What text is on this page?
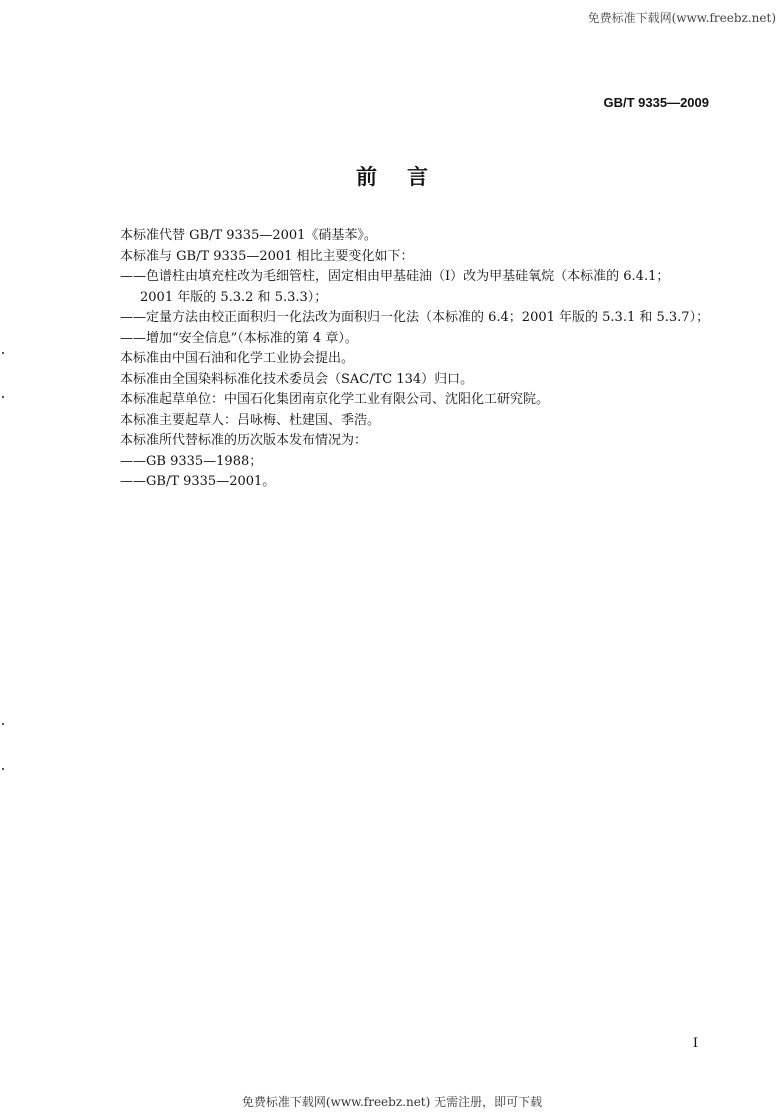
免费标准下载网(www.freebz.net)
GB/T 9335—2009
前 言

本标准代替 GB/T 9335—2001《硝基苯》。

本标准与 GB/T 9335—2001 相比主要变化如下：

——色谱柱由填充柱改为毛细管柱，固定相由甲基硅油（Ⅰ）改为甲基硅氧烷（本标准的 6.4.1；

2001 年版的 5.3.2 和 5.3.3）；

——定量方法由校正面积归一化法改为面积归一化法（本标准的 6.4；2001 年版的 5.3.1 和 5.3.7）；

——增加“安全信息”（本标准的第 4 章）。

本标准由中国石油和化学工业协会提出。

本标准由全国染料标准化技术委员会（SAC/TC 134）归口。

本标准起草单位：中国石化集团南京化学工业有限公司、沈阳化工研究院。

本标准主要起草人：吕咏梅、杜建国、季浩。

本标准所代替标准的历次版本发布情况为：

——GB 9335—1988；

——GB/T 9335—2001。

I
免费标准下载网(www.freebz.net) 无需注册，即可下载
